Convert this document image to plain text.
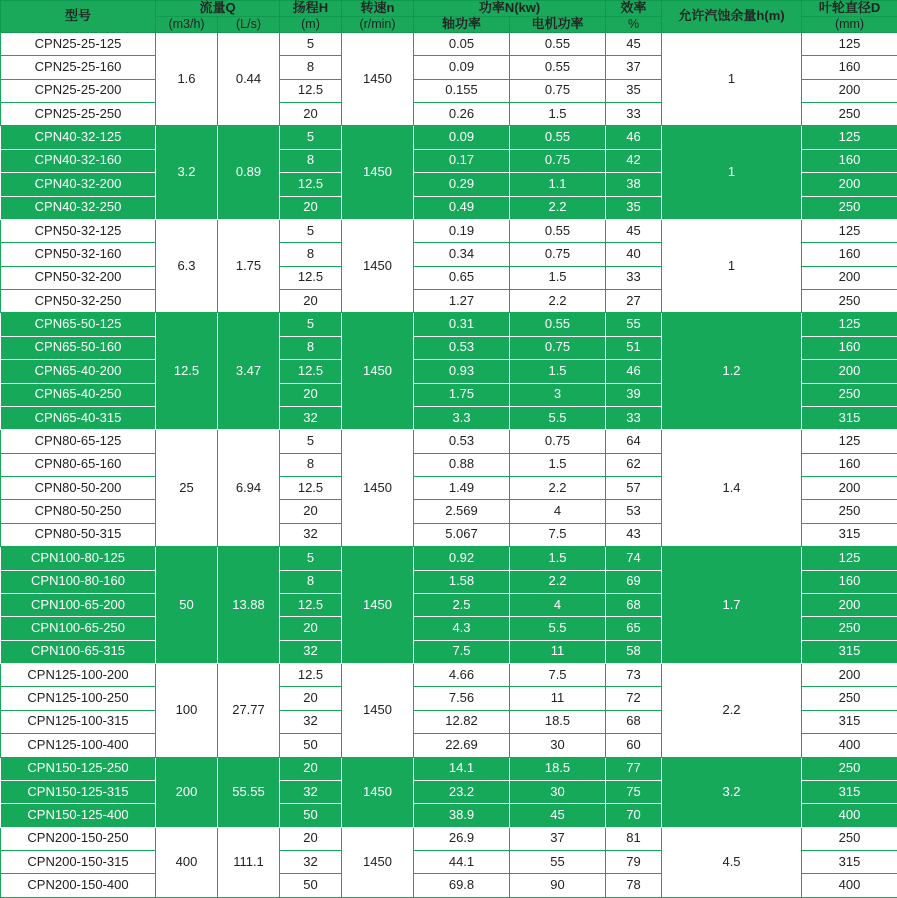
型号	流量Q		扬程H	转速n	功率N(kw)		效率	允许汽蚀余量h(m)	叶轮直径D
	(m3/h)	(L/s)	(m)	(r/min)	轴功率	电机功率	%		(mm)
CPN25-25-125	1.6	0.44	5	1450	0.05	0.55	45	1	125
CPN25-25-160			8		0.09	0.55	37		160
CPN25-25-200			12.5		0.155	0.75	35		200
CPN25-25-250			20		0.26	1.5	33		250
CPN40-32-125	3.2	0.89	5	1450	0.09	0.55	46	1	125
CPN40-32-160			8		0.17	0.75	42		160
CPN40-32-200			12.5		0.29	1.1	38		200
CPN40-32-250			20		0.49	2.2	35		250
CPN50-32-125	6.3	1.75	5	1450	0.19	0.55	45	1	125
CPN50-32-160			8		0.34	0.75	40		160
CPN50-32-200			12.5		0.65	1.5	33		200
CPN50-32-250			20		1.27	2.2	27		250
CPN65-50-125	12.5	3.47	5	1450	0.31	0.55	55	1.2	125
CPN65-50-160			8		0.53	0.75	51		160
CPN65-40-200			12.5		0.93	1.5	46		200
CPN65-40-250			20		1.75	3	39		250
CPN65-40-315			32		3.3	5.5	33		315
CPN80-65-125	25	6.94	5	1450	0.53	0.75	64	1.4	125
CPN80-65-160			8		0.88	1.5	62		160
CPN80-50-200			12.5		1.49	2.2	57		200
CPN80-50-250			20		2.569	4	53		250
CPN80-50-315			32		5.067	7.5	43		315
CPN100-80-125	50	13.88	5	1450	0.92	1.5	74	1.7	125
CPN100-80-160			8		1.58	2.2	69		160
CPN100-65-200			12.5		2.5	4	68		200
CPN100-65-250			20		4.3	5.5	65		250
CPN100-65-315			32		7.5	11	58		315
CPN125-100-200	100	27.77	12.5	1450	4.66	7.5	73	2.2	200
CPN125-100-250			20		7.56	11	72		250
CPN125-100-315			32		12.82	18.5	68		315
CPN125-100-400			50		22.69	30	60		400
CPN150-125-250	200	55.55	20	1450	14.1	18.5	77	3.2	250
CPN150-125-315			32		23.2	30	75		315
CPN150-125-400			50		38.9	45	70		400
CPN200-150-250	400	111.1	20	1450	26.9	37	81	4.5	250
CPN200-150-315			32		44.1	55	79		315
CPN200-150-400			50		69.8	90	78		400
